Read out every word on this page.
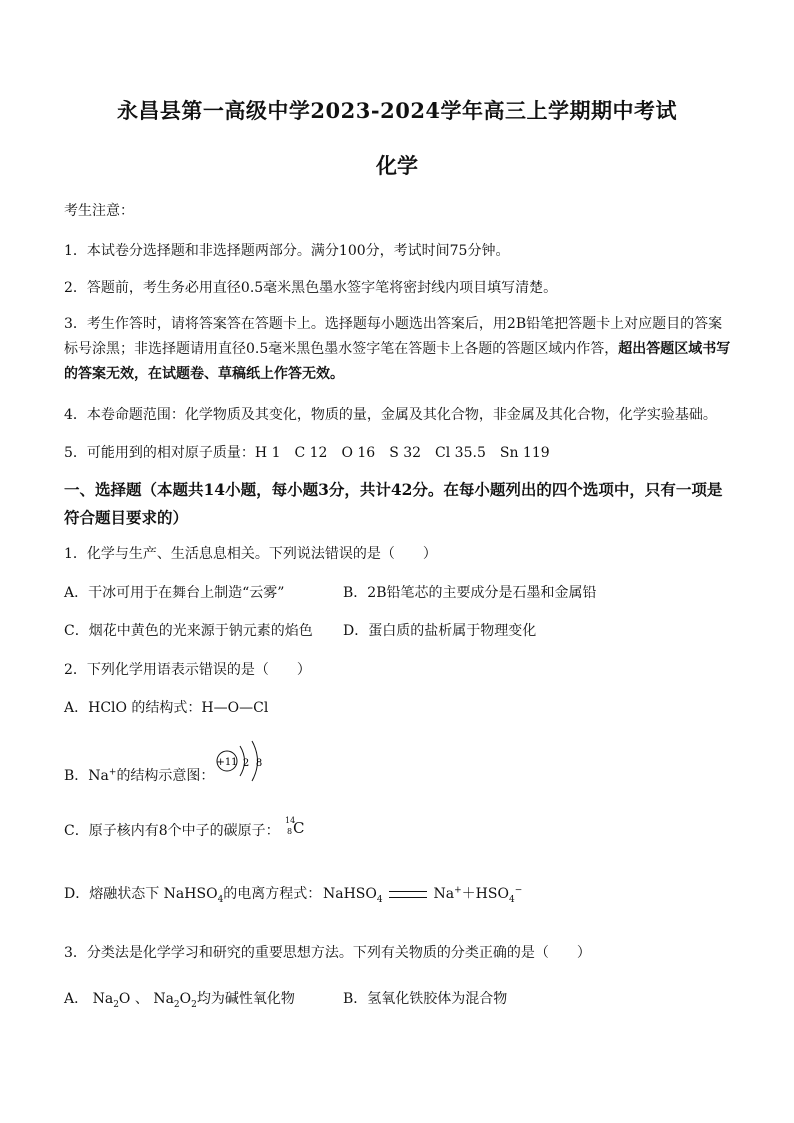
永昌县第一高级中学2023-2024学年高三上学期期中考试
化学
考生注意：
1．本试卷分选择题和非选择题两部分。满分100分，考试时间75分钟。
2．答题前，考生务必用直径0.5毫米黑色墨水签字笔将密封线内项目填写清楚。
3．考生作答时，请将答案答在答题卡上。选择题每小题选出答案后，用2B铅笔把答题卡上对应题目的答案标号涂黑；非选择题请用直径0.5毫米黑色墨水签字笔在答题卡上各题的答题区域内作答，超出答题区域书写的答案无效，在试题卷、草稿纸上作答无效。
4．本卷命题范围：化学物质及其变化，物质的量，金属及其化合物，非金属及其化合物，化学实验基础。
5．可能用到的相对原子质量：H 1　C 12　O 16　S 32　Cl 35.5　Sn 119
一、选择题（本题共14小题，每小题3分，共计42分。在每小题列出的四个选项中，只有一项是符合题目要求的）
1．化学与生产、生活息息相关。下列说法错误的是（　　）
A．干冰可用于在舞台上制造“云雾”	B．2B铅笔芯的主要成分是石墨和金属铅
C．烟花中黄色的光来源于钠元素的焰色 D．蛋白质的盐析属于物理变化
2．下列化学用语表示错误的是（　　）
A．HClO 的结构式：H—O—Cl
B．Na+的结构示意图：
+11 2 8
C．原子核内有8个中子的碳原子：
14
8 C
D．熔融状态下 NaHSO$_4$的电离方程式： NaHSO$_4$	$Na^++HSO_4^-$
3．分类法是化学学习和研究的重要思想方法。下列有关物质的分类正确的是（　　）
A． $Na_2O$ 、 $Na_2O_2$均为碱性氧化物	B．氢氧化铁胶体为混合物
